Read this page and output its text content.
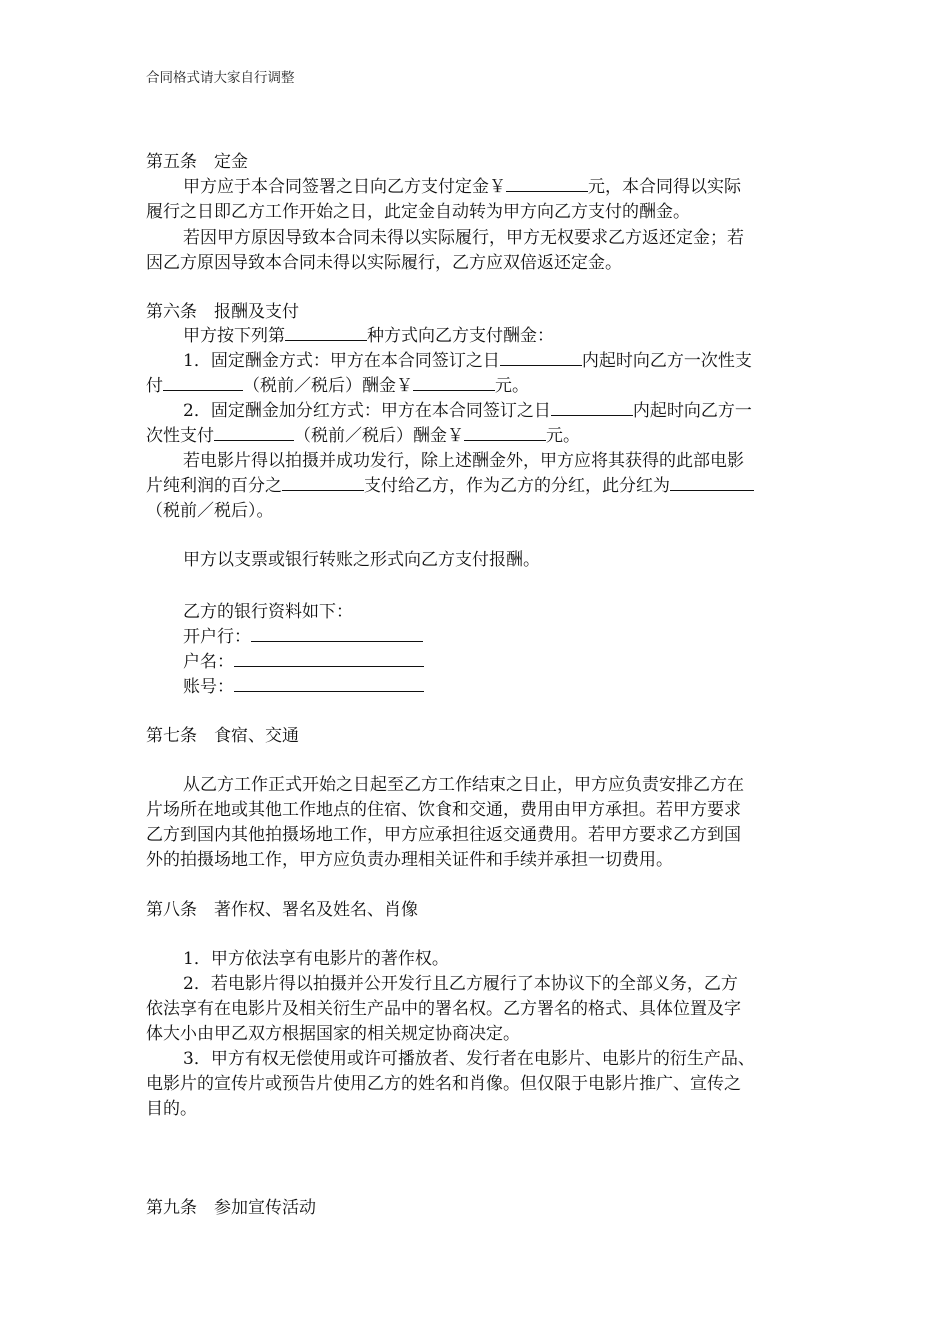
合同格式请大家自行调整
第五条　定金
甲方应于本合同签署之日向乙方支付定金￥	元，本合同得以实际
履行之日即乙方工作开始之日，此定金自动转为甲方向乙方支付的酬金。
若因甲方原因导致本合同未得以实际履行，甲方无权要求乙方返还定金；若
因乙方原因导致本合同未得以实际履行，乙方应双倍返还定金。
第六条　报酬及支付
甲方按下列第	种方式向乙方支付酬金：
1．固定酬金方式：甲方在本合同签订之日	内起时向乙方一次性支
付	（税前／税后）酬金￥	元。
2．固定酬金加分红方式：甲方在本合同签订之日	内起时向乙方一
次性支付	（税前／税后）酬金￥	元。
若电影片得以拍摄并成功发行，除上述酬金外，甲方应将其获得的此部电影
片纯利润的百分之	支付给乙方，作为乙方的分红，此分红为
（税前／税后）。
甲方以支票或银行转账之形式向乙方支付报酬。
乙方的银行资料如下：
开户行：
户名：
账号：
第七条　食宿、交通
从乙方工作正式开始之日起至乙方工作结束之日止，甲方应负责安排乙方在
片场所在地或其他工作地点的住宿、饮食和交通，费用由甲方承担。若甲方要求
乙方到国内其他拍摄场地工作，甲方应承担往返交通费用。若甲方要求乙方到国
外的拍摄场地工作，甲方应负责办理相关证件和手续并承担一切费用。
第八条　著作权、署名及姓名、肖像
1．甲方依法享有电影片的著作权。
2．若电影片得以拍摄并公开发行且乙方履行了本协议下的全部义务，乙方
依法享有在电影片及相关衍生产品中的署名权。乙方署名的格式、具体位置及字
体大小由甲乙双方根据国家的相关规定协商决定。
3．甲方有权无偿使用或许可播放者、发行者在电影片、电影片的衍生产品、
电影片的宣传片或预告片使用乙方的姓名和肖像。但仅限于电影片推广、宣传之
目的。
第九条　参加宣传活动
